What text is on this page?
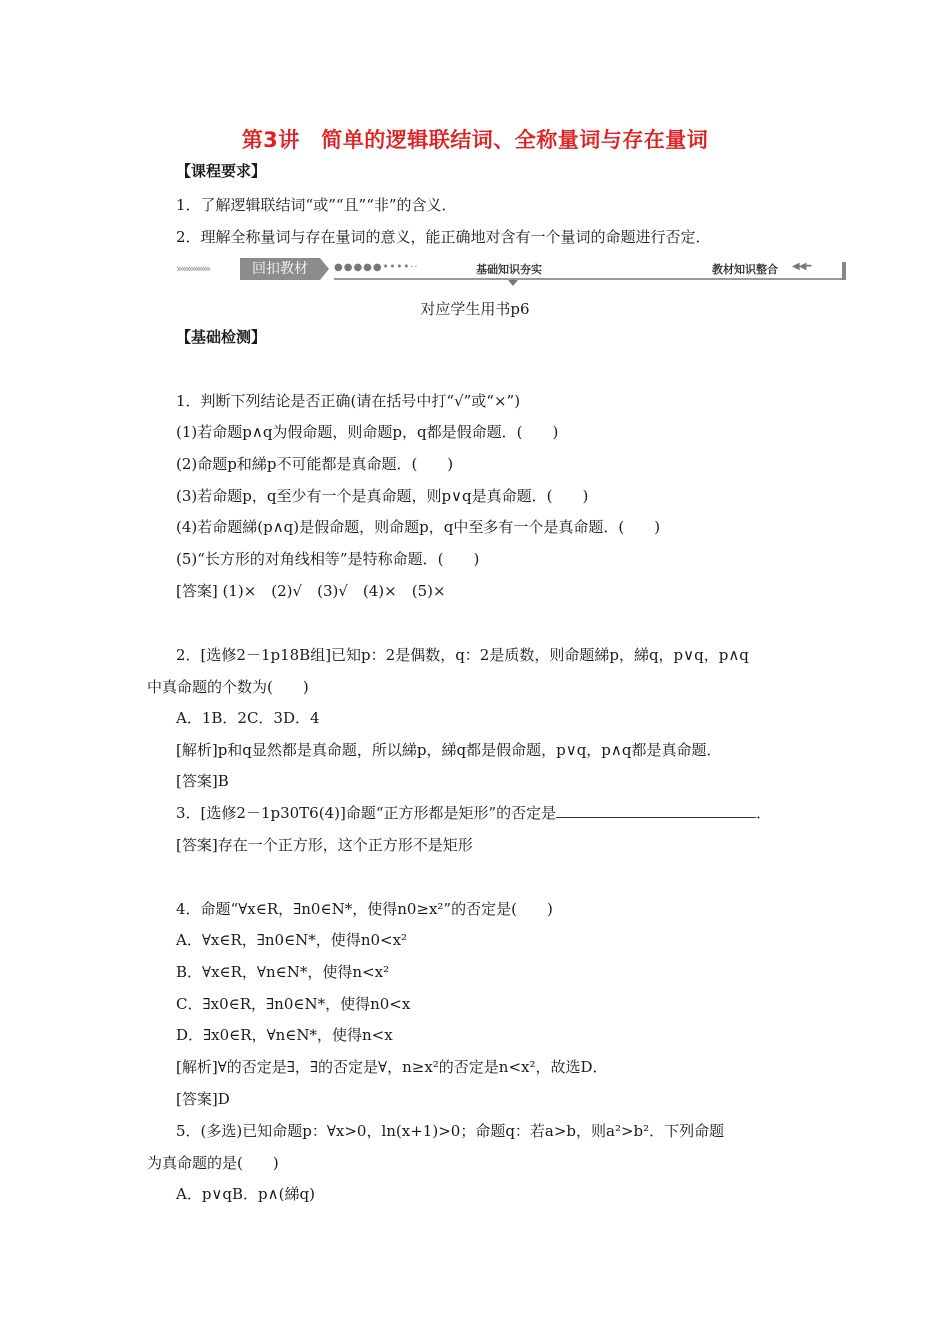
第3讲　简单的逻辑联结词、全称量词与存在量词
【课程要求】
1．了解逻辑联结词“或”“且”“非”的含义．
2．理解全称量词与存在量词的意义，能正确地对含有一个量词的命题进行否定．
»»»»»»»	回扣教材	●●●●●••••··	基础知识夯实	教材知识整合 ◀◀━
对应学生用书p6
【基础检测】
1．判断下列结论是否正确(请在括号中打“√”或“×”)
(1)若命题p∧q为假命题，则命题p，q都是假命题．(　　)
(2)命题p和綈p不可能都是真命题．(　　)
(3)若命题p，q至少有一个是真命题，则p∨q是真命题．(　　)
(4)若命题綈(p∧q)是假命题，则命题p，q中至多有一个是真命题．(　　)
(5)“长方形的对角线相等”是特称命题．(　　)
[答案] (1)×　(2)√　(3)√　(4)×　(5)×
2．[选修2－1p18B组]已知p：2是偶数，q：2是质数，则命题綈p，綈q，p∨q，p∧q
中真命题的个数为(　　)
A．1B．2C．3D．4
[解析]p和q显然都是真命题，所以綈p，綈q都是假命题，p∨q，p∧q都是真命题．
[答案]B
3．[选修2－1p30T6(4)]命题“正方形都是矩形”的否定是	．
[答案]存在一个正方形，这个正方形不是矩形
4．命题“∀x∈R，∃n0∈N*，使得n0≥x²”的否定是(　　)
A．∀x∈R，∃n0∈N*，使得n0<x²
B．∀x∈R，∀n∈N*，使得n<x²
C．∃x0∈R，∃n0∈N*，使得n0<x
D．∃x0∈R，∀n∈N*，使得n<x
[解析]∀的否定是∃，∃的否定是∀，n≥x²的否定是n<x²，故选D．
[答案]D
5．(多选)已知命题p：∀x>0，ln(x+1)>0；命题q：若a>b，则a²>b²．下列命题
为真命题的是(　　)
A．p∨qB．p∧(綈q)
